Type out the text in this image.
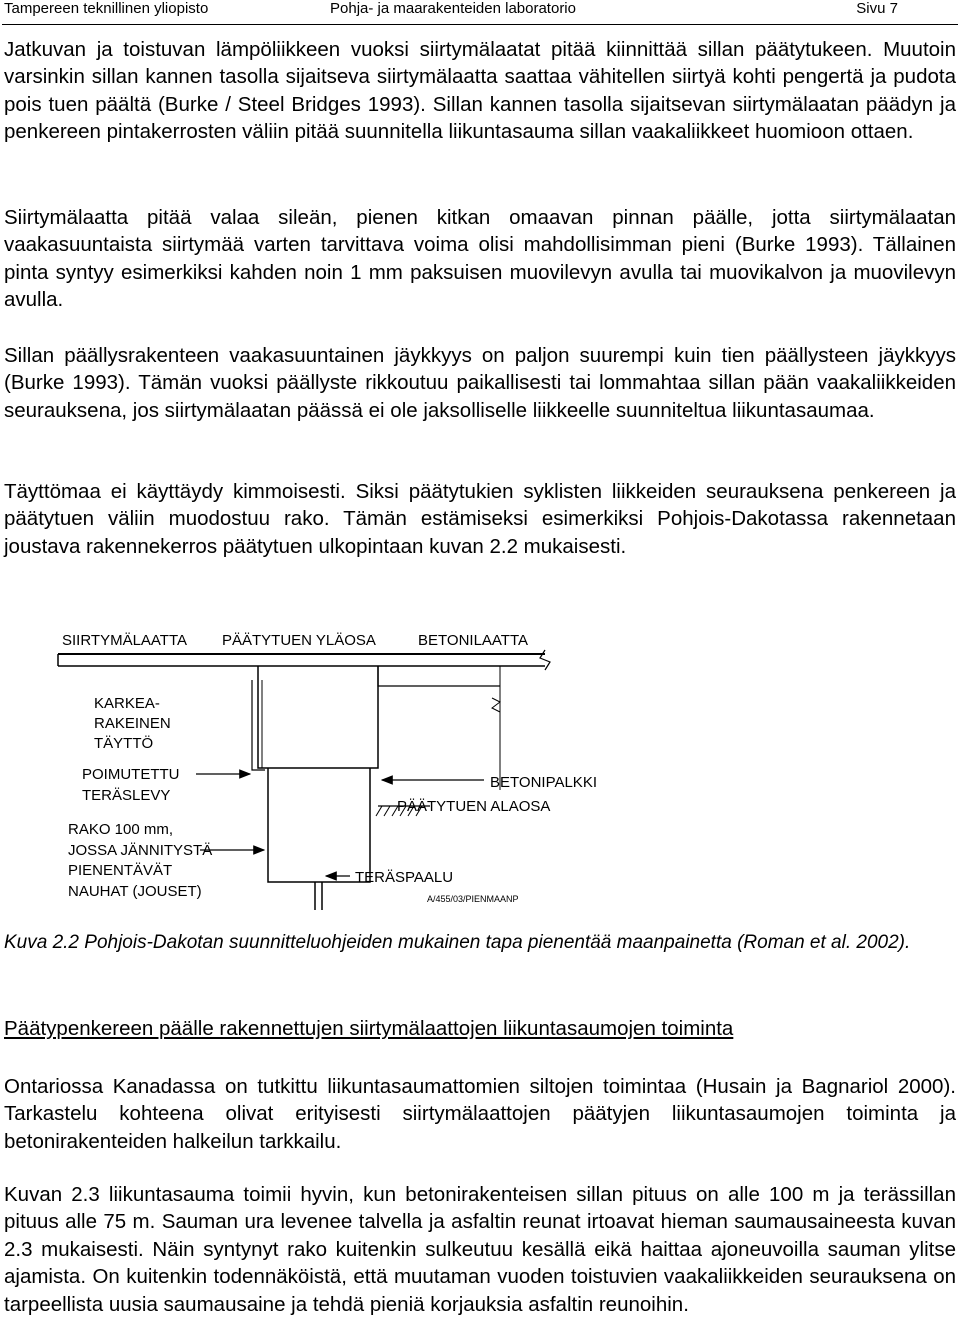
Tampereen teknillinen yliopisto	Pohja- ja maarakenteiden laboratorio	Sivu 7

Jatkuvan ja toistuvan lämpöliikkeen vuoksi siirtymälaatat pitää kiinnittää sillan päätytukeen. Muutoin varsinkin sillan kannen tasolla sijaitseva siirtymälaatta saattaa vähitellen siirtyä kohti pengertä ja pudota pois tuen päältä (Burke / Steel Bridges 1993). Sillan kannen tasolla sijaitsevan siirtymälaatan päädyn ja penkereen pintakerrosten väliin pitää suunnitella liikuntasauma sillan vaakaliikkeet huomioon ottaen.

Siirtymälaatta pitää valaa sileän, pienen kitkan omaavan pinnan päälle, jotta siirtymälaatan vaakasuuntaista siirtymää varten tarvittava voima olisi mahdollisimman pieni (Burke 1993). Tällainen pinta syntyy esimerkiksi kahden noin 1 mm paksuisen muovilevyn avulla tai muovikalvon ja muovilevyn avulla.

Sillan päällysrakenteen vaakasuuntainen jäykkyys on paljon suurempi kuin tien päällysteen jäykkyys (Burke 1993). Tämän vuoksi päällyste rikkoutuu paikallisesti tai lommahtaa sillan pään vaakaliikkeiden seurauksena, jos siirtymälaatan päässä ei ole jaksolliselle liikkeelle suunniteltua liikuntasaumaa.

Täyttömaa ei käyttäydy kimmoisesti. Siksi päätytukien syklisten liikkeiden seurauksena penkereen ja päätytuen väliin muodostuu rako. Tämän estämiseksi esimerkiksi Pohjois-Dakotassa rakennetaan joustava rakennekerros päätytuen ulkopintaan kuvan 2.2 mukaisesti.

SIIRTYMÄLAATTA PÄÄTYTUEN YLÄOSA	BETONILAATTA
KARKEA-
RAKEINEN
TÄYTTÖ
POIMUTETTU
TERÄSLEVY
BETONIPALKKI
PÄÄTYTUEN ALAOSA
RAKO 100 mm,
JOSSA JÄNNITYSTÄ
PIENENTÄVÄT
NAUHAT (JOUSET)
TERÄSPAALU
A/455/03/PIENMAANP

Kuva 2.2 Pohjois-Dakotan suunnitteluohjeiden mukainen tapa pienentää maanpainetta (Roman et al. 2002).

Päätypenkereen päälle rakennettujen siirtymälaattojen liikuntasaumojen toiminta

Ontariossa Kanadassa on tutkittu liikuntasaumattomien siltojen toimintaa (Husain ja Bagnariol 2000). Tarkastelu kohteena olivat erityisesti siirtymälaattojen päätyjen liikuntasaumojen toiminta ja betonirakenteiden halkeilun tarkkailu.

Kuvan 2.3 liikuntasauma toimii hyvin, kun betonirakenteisen sillan pituus on alle 100 m ja terässillan pituus alle 75 m. Sauman ura levenee talvella ja asfaltin reunat irtoavat hieman saumausaineesta kuvan 2.3 mukaisesti. Näin syntynyt rako kuitenkin sulkeutuu kesällä eikä haittaa ajoneuvoilla sauman ylitse ajamista. On kuitenkin todennäköistä, että muutaman vuoden toistuvien vaakaliikkeiden seurauksena on tarpeellista uusia saumausaine ja tehdä pieniä korjauksia asfaltin reunoihin.
